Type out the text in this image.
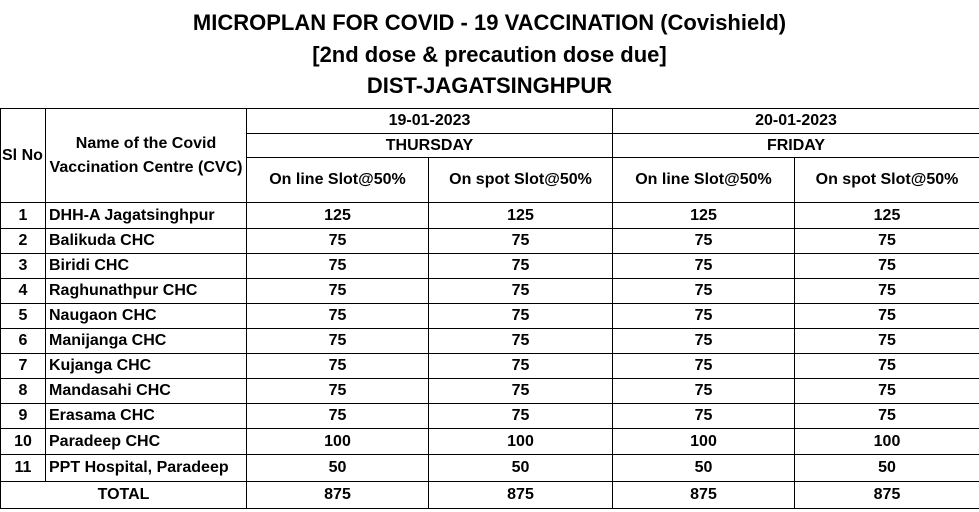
MICROPLAN FOR COVID - 19 VACCINATION (Covishield)
[2nd dose & precaution dose due]
DIST-JAGATSINGHPUR
Sl No	Name of the Covid Vaccination Centre (CVC)	19-01-2023		20-01-2023	
		THURSDAY		FRIDAY	
		On line Slot@50%	On spot Slot@50%	On line Slot@50%	On spot Slot@50%
1	DHH-A Jagatsinghpur	125	125	125	125
2	Balikuda CHC	75	75	75	75
3	Biridi CHC	75	75	75	75
4	Raghunathpur CHC	75	75	75	75
5	Naugaon CHC	75	75	75	75
6	Manijanga CHC	75	75	75	75
7	Kujanga CHC	75	75	75	75
8	Mandasahi CHC	75	75	75	75
9	Erasama CHC	75	75	75	75
10	Paradeep CHC	100	100	100	100
11	PPT Hospital, Paradeep	50	50	50	50
TOTAL		875	875	875	875
